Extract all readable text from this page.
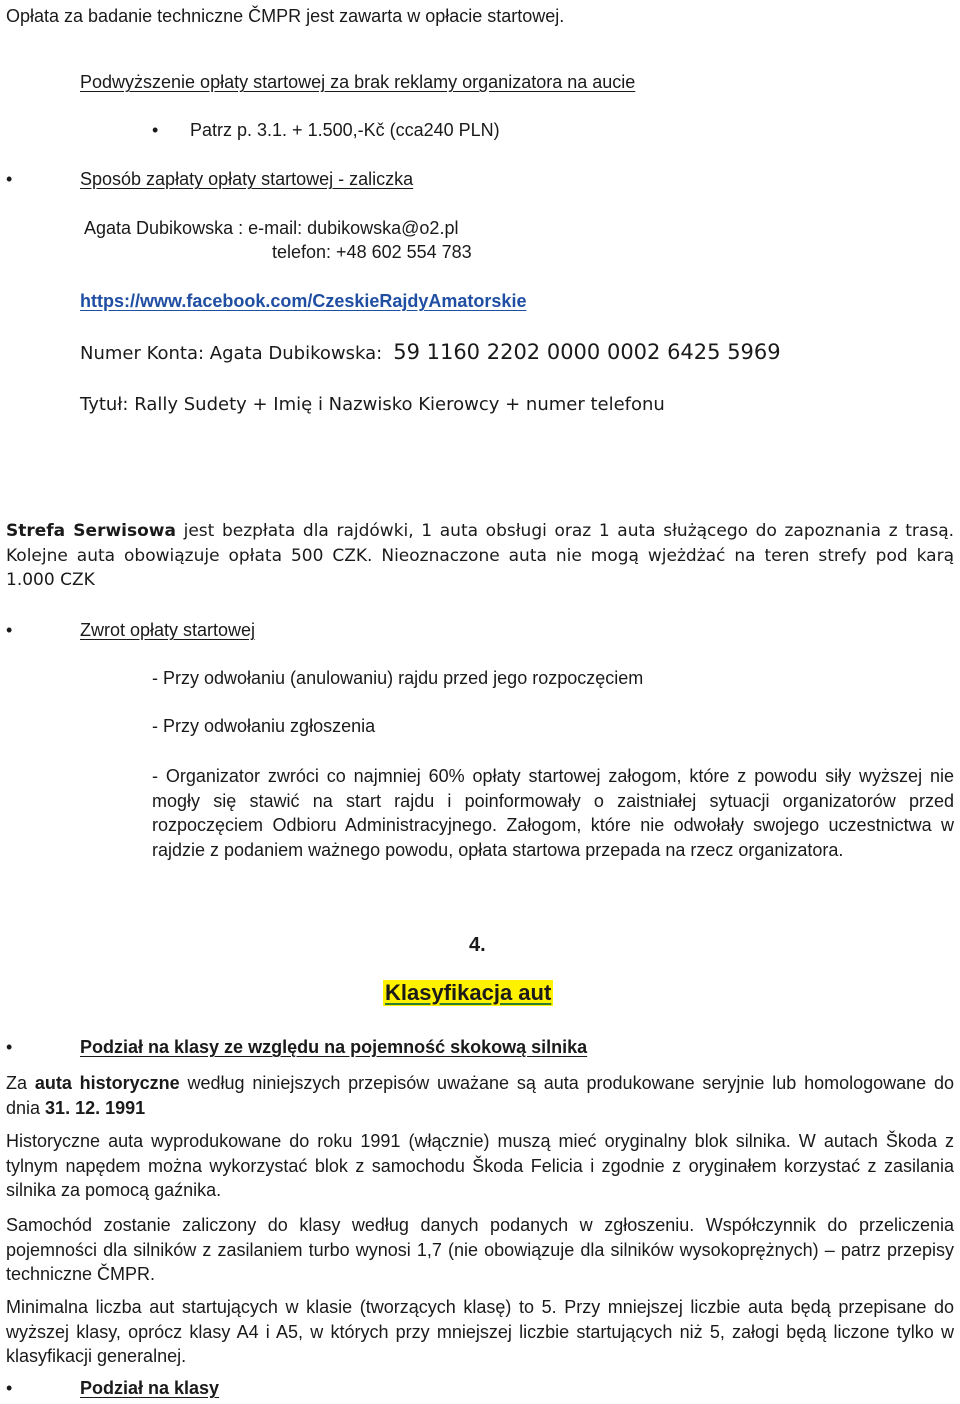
Opłata za badanie techniczne ČMPR jest zawarta w opłacie startowej.
Podwyższenie opłaty startowej za brak reklamy organizatora na aucie
•
Patrz p. 3.1. + 1.500,-Kč (cca240 PLN)
•
Sposób zapłaty opłaty startowej - zaliczka
Agata Dubikowska : e-mail: dubikowska@o2.pl
telefon: +48 602 554 783
https://www.facebook.com/CzeskieRajdyAmatorskie
Numer Konta: Agata Dubikowska: 59 1160 2202 0000 0002 6425 5969
Tytuł: Rally Sudety + Imię i Nazwisko Kierowcy + numer telefonu
Strefa Serwisowa jest bezpłata dla rajdówki, 1 auta obsługi oraz 1 auta służącego do zapoznania z trasą. Kolejne auta obowiązuje opłata 500 CZK. Nieoznaczone auta nie mogą wjeżdżać na teren strefy pod karą 1.000 CZK
•
Zwrot opłaty startowej
- Przy odwołaniu (anulowaniu) rajdu przed jego rozpoczęciem
- Przy odwołaniu zgłoszenia
- Organizator zwróci co najmniej 60% opłaty startowej załogom, które z powodu siły wyższej nie mogły się stawić na start rajdu i poinformowały o zaistniałej sytuacji organizatorów przed rozpoczęciem Odbioru Administracyjnego. Załogom, które nie odwołały swojego uczestnictwa w rajdzie z podaniem ważnego powodu, opłata startowa przepada na rzecz organizatora.
4.
Klasyfikacja aut
•
Podział na klasy ze względu na pojemność skokową silnika
Za auta historyczne według niniejszych przepisów uważane są auta produkowane seryjnie lub homologowane do dnia 31. 12. 1991
Historyczne auta wyprodukowane do roku 1991 (włącznie) muszą mieć oryginalny blok silnika. W autach Škoda z tylnym napędem można wykorzystać blok z samochodu Škoda Felicia i zgodnie z oryginałem korzystać z zasilania silnika za pomocą gaźnika.
Samochód zostanie zaliczony do klasy według danych podanych w zgłoszeniu. Współczynnik do przeliczenia pojemności dla silników z zasilaniem turbo wynosi 1,7 (nie obowiązuje dla silników wysokoprężnych) – patrz przepisy techniczne ČMPR.
Minimalna liczba aut startujących w klasie (tworzących klasę) to 5. Przy mniejszej liczbie auta będą przepisane do wyższej klasy, oprócz klasy A4 i A5, w których przy mniejszej liczbie startujących niż 5, załogi będą liczone tylko w klasyfikacji generalnej.
•
Podział na klasy
